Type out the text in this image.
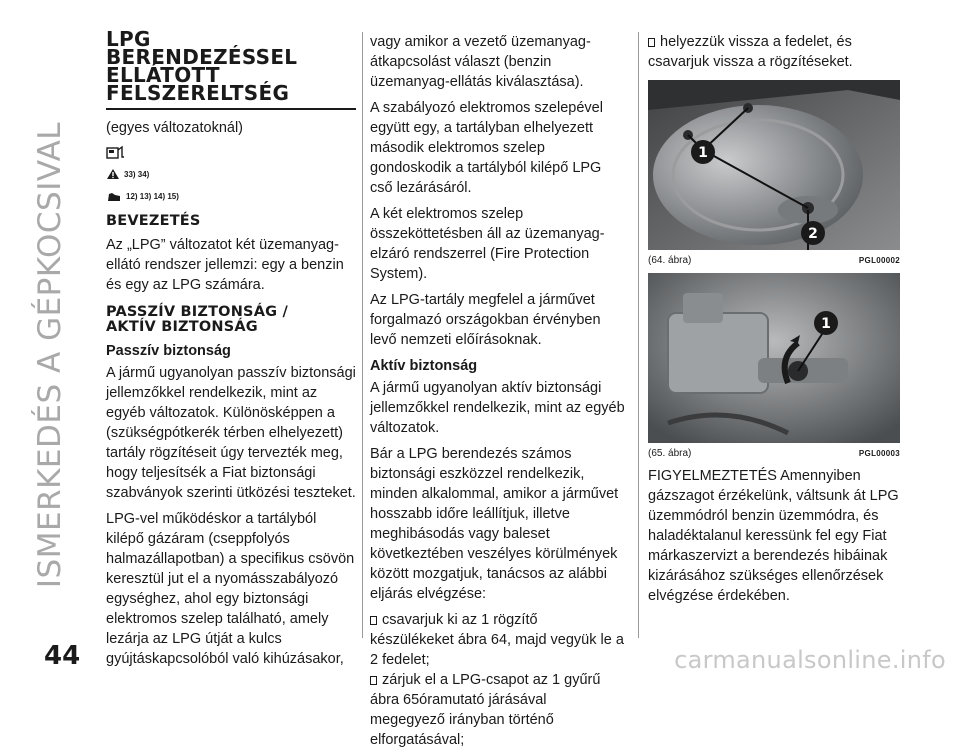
ISMERKEDÉS A GÉPKOCSIVAL
44	carmanualsonline.info
LPG
BERENDEZÉSSEL
ELLÁTOTT
FELSZERELTSÉG
(egyes változatoknál)
33) 34)
12) 13) 14) 15)
BEVEZETÉS

Az „LPG” változatot két üzemanyag-ellátó rendszer jellemzi: egy a benzin és egy az LPG számára.

PASSZÍV BIZTONSÁG /
AKTÍV BIZTONSÁG
Passzív biztonság

A jármű ugyanolyan passzív biztonsági jellemzőkkel rendelkezik, mint az egyéb változatok. Különösképpen a (szükségpótkerék térben elhelyezett) tartály rögzítéseit úgy tervezték meg, hogy teljesítsék a Fiat biztonsági szabványok szerinti ütközési teszteket.

LPG-vel működéskor a tartályból kilépő gázáram (cseppfolyós halmazállapotban) a specifikus csövön keresztül jut el a nyomásszabályozó egységhez, ahol egy biztonsági elektromos szelep található, amely lezárja az LPG útját a kulcs gyújtáskapcsolóból való kihúzásakor,

vagy amikor a vezető üzemanyag-átkapcsolást választ (benzin üzemanyag-ellátás kiválasztása).

A szabályozó elektromos szelepével együtt egy, a tartályban elhelyezett második elektromos szelep gondoskodik a tartályból kilépő LPG cső lezárásáról.

A két elektromos szelep összeköttetésben áll az üzemanyag-elzáró rendszerrel (Fire Protection System).

Az LPG-tartály megfelel a járművet forgalmazó országokban érvényben levő nemzeti előírásoknak.

Aktív biztonság

A jármű ugyanolyan aktív biztonsági jellemzőkkel rendelkezik, mint az egyéb változatok.

Bár a LPG berendezés számos biztonsági eszközzel rendelkezik, minden alkalommal, amikor a járművet hosszabb időre leállítjuk, illetve meghibásodás vagy baleset következtében veszélyes körülmények között mozgatjuk, tanácsos az alábbi eljárás elvégzése:

csavarjuk ki az 1 rögzítő készülékeket ábra 64, majd vegyük le a 2 fedelet;

zárjuk el a LPG-csapot az 1 gyűrű ábra 65óramutató járásával megegyező irányban történő elforgatásával;

helyezzük vissza a fedelet, és csavarjuk vissza a rögzítéseket.

1
2
(64. ábra)	PGL00002
1
(65. ábra)	PGL00003

FIGYELMEZTETÉS Amennyiben gázszagot érzékelünk, váltsunk át LPG üzemmódról benzin üzemmódra, és haladéktalanul keressünk fel egy Fiat márkaszervizt a berendezés hibáinak kizárásához szükséges ellenőrzések elvégzése érdekében.
